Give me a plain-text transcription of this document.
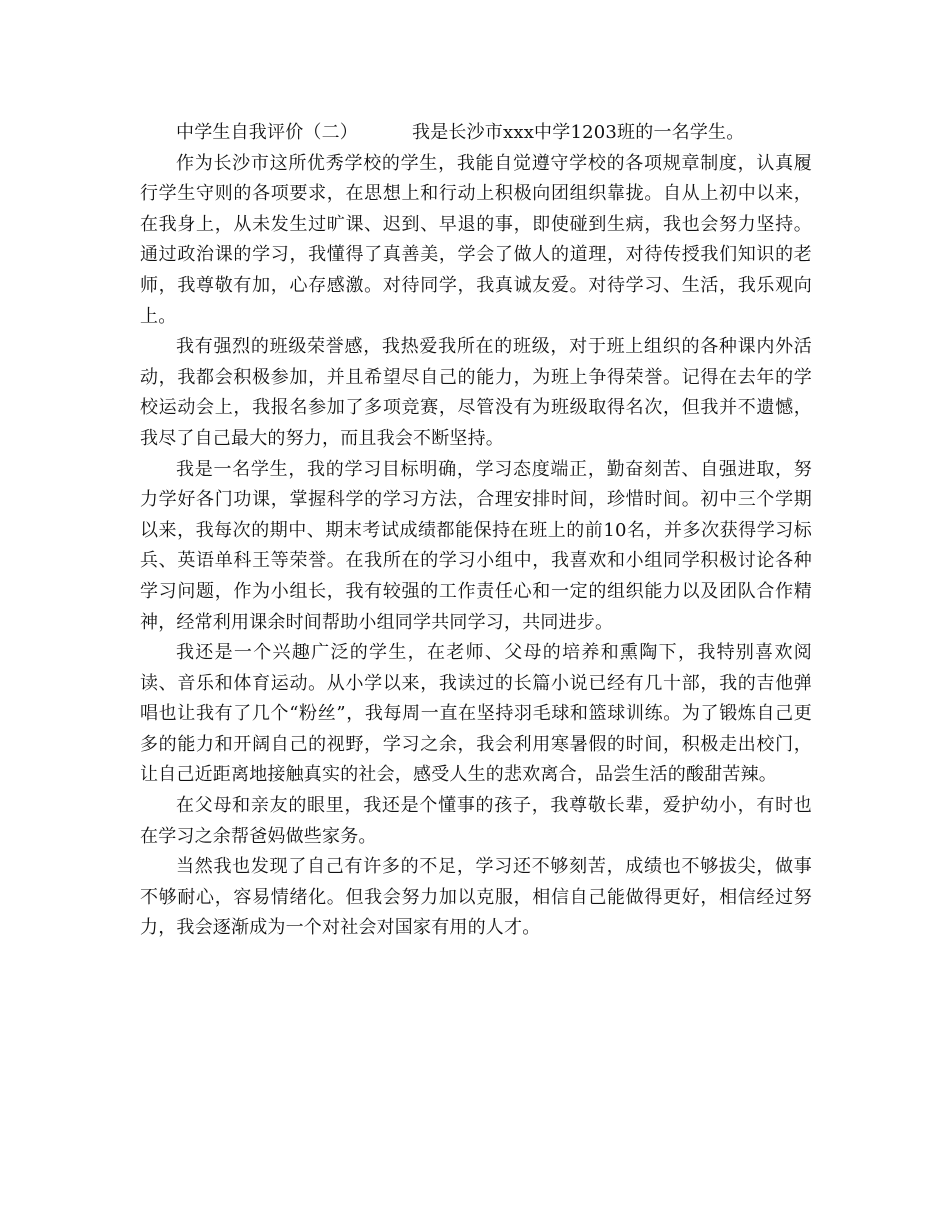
中学生自我评价（二）	我是长沙市xxx中学1203班的一名学生。

作为长沙市这所优秀学校的学生，我能自觉遵守学校的各项规章制度，认真履行学生守则的各项要求，在思想上和行动上积极向团组织靠拢。自从上初中以来，在我身上，从未发生过旷课、迟到、早退的事，即使碰到生病，我也会努力坚持。通过政治课的学习，我懂得了真善美，学会了做人的道理，对待传授我们知识的老师，我尊敬有加，心存感激。对待同学，我真诚友爱。对待学习、生活，我乐观向上。

我有强烈的班级荣誉感，我热爱我所在的班级，对于班上组织的各种课内外活动，我都会积极参加，并且希望尽自己的能力，为班上争得荣誉。记得在去年的学校运动会上，我报名参加了多项竞赛，尽管没有为班级取得名次，但我并不遗憾，我尽了自己最大的努力，而且我会不断坚持。

我是一名学生，我的学习目标明确，学习态度端正，勤奋刻苦、自强进取，努力学好各门功课，掌握科学的学习方法，合理安排时间，珍惜时间。初中三个学期以来，我每次的期中、期末考试成绩都能保持在班上的前10名，并多次获得学习标兵、英语单科王等荣誉。在我所在的学习小组中，我喜欢和小组同学积极讨论各种学习问题，作为小组长，我有较强的工作责任心和一定的组织能力以及团队合作精神，经常利用课余时间帮助小组同学共同学习，共同进步。

我还是一个兴趣广泛的学生，在老师、父母的培养和熏陶下，我特别喜欢阅读、音乐和体育运动。从小学以来，我读过的长篇小说已经有几十部，我的吉他弹唱也让我有了几个“粉丝”，我每周一直在坚持羽毛球和篮球训练。为了锻炼自己更多的能力和开阔自己的视野，学习之余，我会利用寒暑假的时间，积极走出校门，让自己近距离地接触真实的社会，感受人生的悲欢离合，品尝生活的酸甜苦辣。

在父母和亲友的眼里，我还是个懂事的孩子，我尊敬长辈，爱护幼小，有时也在学习之余帮爸妈做些家务。

当然我也发现了自己有许多的不足，学习还不够刻苦，成绩也不够拔尖，做事不够耐心，容易情绪化。但我会努力加以克服，相信自己能做得更好，相信经过努力，我会逐渐成为一个对社会对国家有用的人才。
